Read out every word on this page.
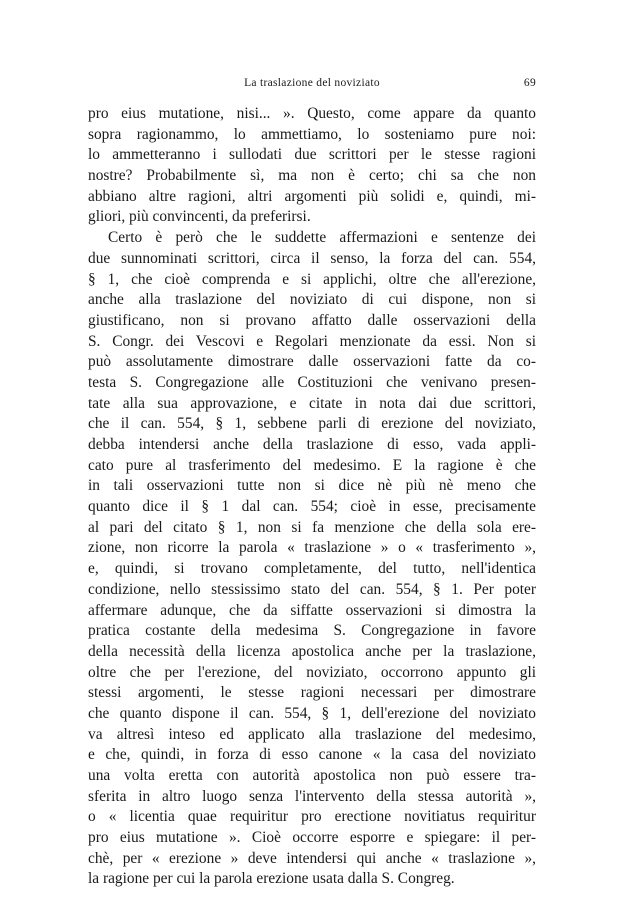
La traslazione del noviziato	69
pro eius mutatione, nisi... ». Questo, come appare da quanto
sopra ragionammo, lo ammettiamo, lo sosteniamo pure noi:
lo ammetteranno i sullodati due scrittori per le stesse ragioni
nostre? Probabilmente sì, ma non è certo; chi sa che non
abbiano altre ragioni, altri argomenti più solidi e, quindi, mi-
gliori, più convincenti, da preferirsi.
Certo è però che le suddette affermazioni e sentenze dei
due sunnominati scrittori, circa il senso, la forza del can. 554,
§ 1, che cioè comprenda e si applichi, oltre che all'erezione,
anche alla traslazione del noviziato di cui dispone, non si
giustificano, non si provano affatto dalle osservazioni della
S. Congr. dei Vescovi e Regolari menzionate da essi. Non si
può assolutamente dimostrare dalle osservazioni fatte da co-
testa S. Congregazione alle Costituzioni che venivano presen-
tate alla sua approvazione, e citate in nota dai due scrittori,
che il can. 554, § 1, sebbene parli di erezione del noviziato,
debba intendersi anche della traslazione di esso, vada appli-
cato pure al trasferimento del medesimo. E la ragione è che
in tali osservazioni tutte non si dice nè più nè meno che
quanto dice il § 1 dal can. 554; cioè in esse, precisamente
al pari del citato § 1, non si fa menzione che della sola ere-
zione, non ricorre la parola « traslazione » o « trasferimento »,
e, quindi, si trovano completamente, del tutto, nell'identica
condizione, nello stessissimo stato del can. 554, § 1. Per poter
affermare adunque, che da siffatte osservazioni si dimostra la
pratica costante della medesima S. Congregazione in favore
della necessità della licenza apostolica anche per la traslazione,
oltre che per l'erezione, del noviziato, occorrono appunto gli
stessi argomenti, le stesse ragioni necessari per dimostrare
che quanto dispone il can. 554, § 1, dell'erezione del noviziato
va altresì inteso ed applicato alla traslazione del medesimo,
e che, quindi, in forza di esso canone « la casa del noviziato
una volta eretta con autorità apostolica non può essere tra-
sferita in altro luogo senza l'intervento della stessa autorità »,
o « licentia quae requiritur pro erectione novitiatus requiritur
pro eius mutatione ». Cioè occorre esporre e spiegare: il per-
chè, per « erezione » deve intendersi qui anche « traslazione »,
la ragione per cui la parola erezione usata dalla S. Congreg.
